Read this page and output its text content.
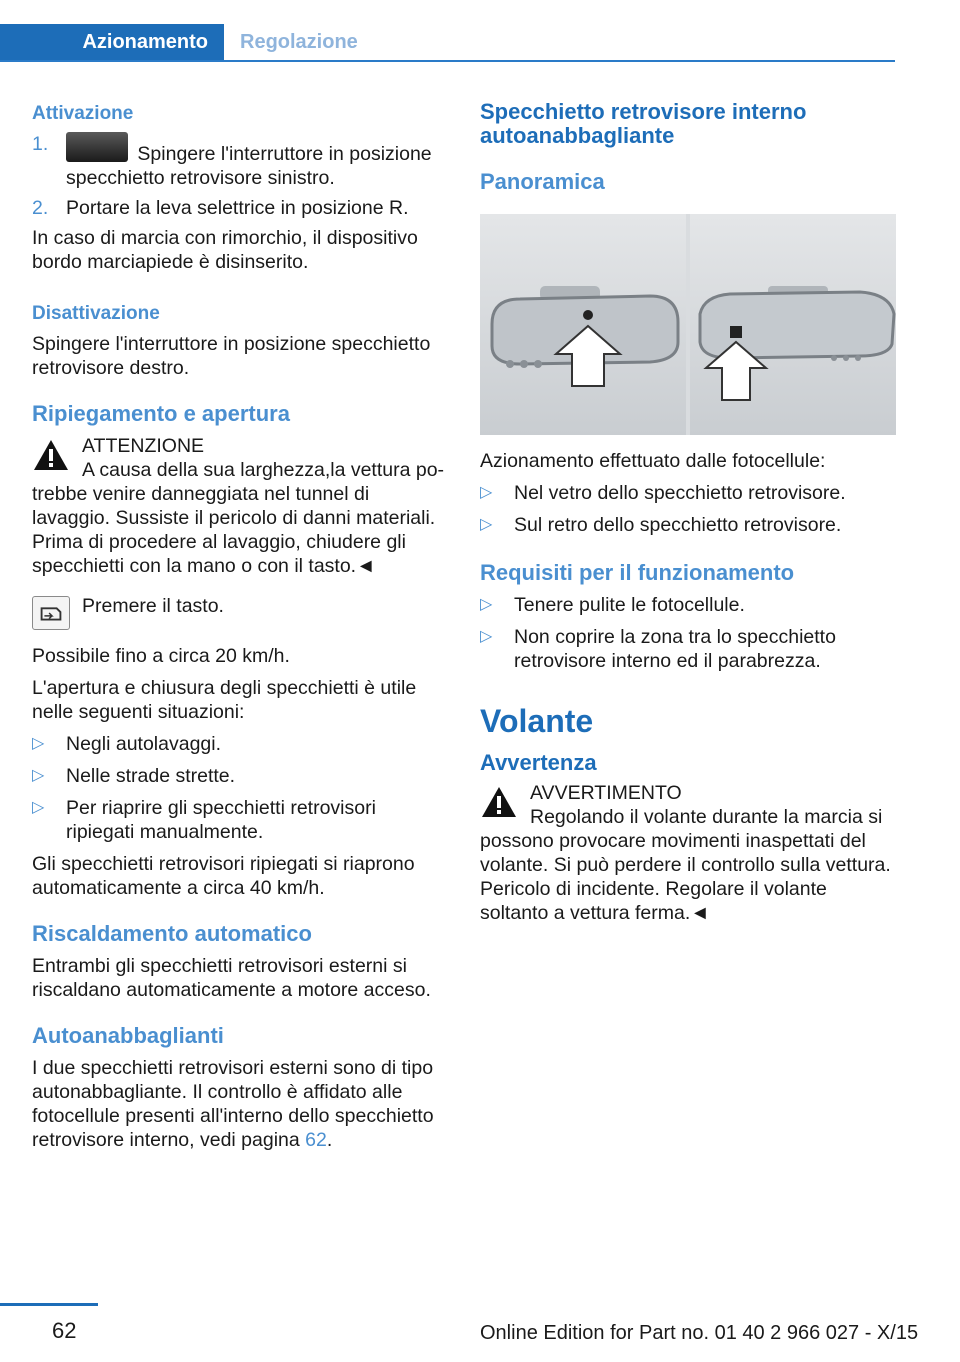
Azionamento	Regolazione
Attivazione
1.	Spingere l'interruttore in posizione specchietto retrovisore sinistro.
2. Portare la leva selettrice in posizione R.

In caso di marcia con rimorchio, il dispositivo bordo marciapiede è disinserito.

Disattivazione

Spingere l'interruttore in posizione specchietto retrovisore destro.

Ripiegamento e apertura
ATTENZIONE
A causa della sua larghezza,la vettura po-
trebbe venire danneggiata nel tunnel di lavaggio. Sussiste il pericolo di danni materiali. Prima di procedere al lavaggio, chiudere gli specchietti con la mano o con il tasto.◄
Premere il tasto.

Possibile fino a circa 20 km/h.

L'apertura e chiusura degli specchietti è utile nelle seguenti situazioni:

▷ Negli autolavaggi.
▷ Nelle strade strette.
▷ Per riaprire gli specchietti retrovisori ripiegati manualmente.

Gli specchietti retrovisori ripiegati si riaprono automaticamente a circa 40 km/h.

Riscaldamento automatico

Entrambi gli specchietti retrovisori esterni si riscaldano automaticamente a motore acceso.

Autoanabbaglianti

I due specchietti retrovisori esterni sono di tipo autonabbagliante. Il controllo è affidato alle fotocellule presenti all'interno dello specchietto retrovisore interno, vedi pagina 62.

Specchietto retrovisore interno autoanabbagliante
Panoramica

Azionamento effettuato dalle fotocellule:

▷ Nel vetro dello specchietto retrovisore.
▷ Sul retro dello specchietto retrovisore.
Requisiti per il funzionamento
▷ Tenere pulite le fotocellule.
▷ Non coprire la zona tra lo specchietto retrovisore interno ed il parabrezza.
Volante
Avvertenza
AVVERTIMENTO
Regolando il volante durante la marcia si
possono provocare movimenti inaspettati del volante. Si può perdere il controllo sulla vettura. Pericolo di incidente. Regolare il volante soltanto a vettura ferma.◄
62	Online Edition for Part no. 01 40 2 966 027 - X/15
